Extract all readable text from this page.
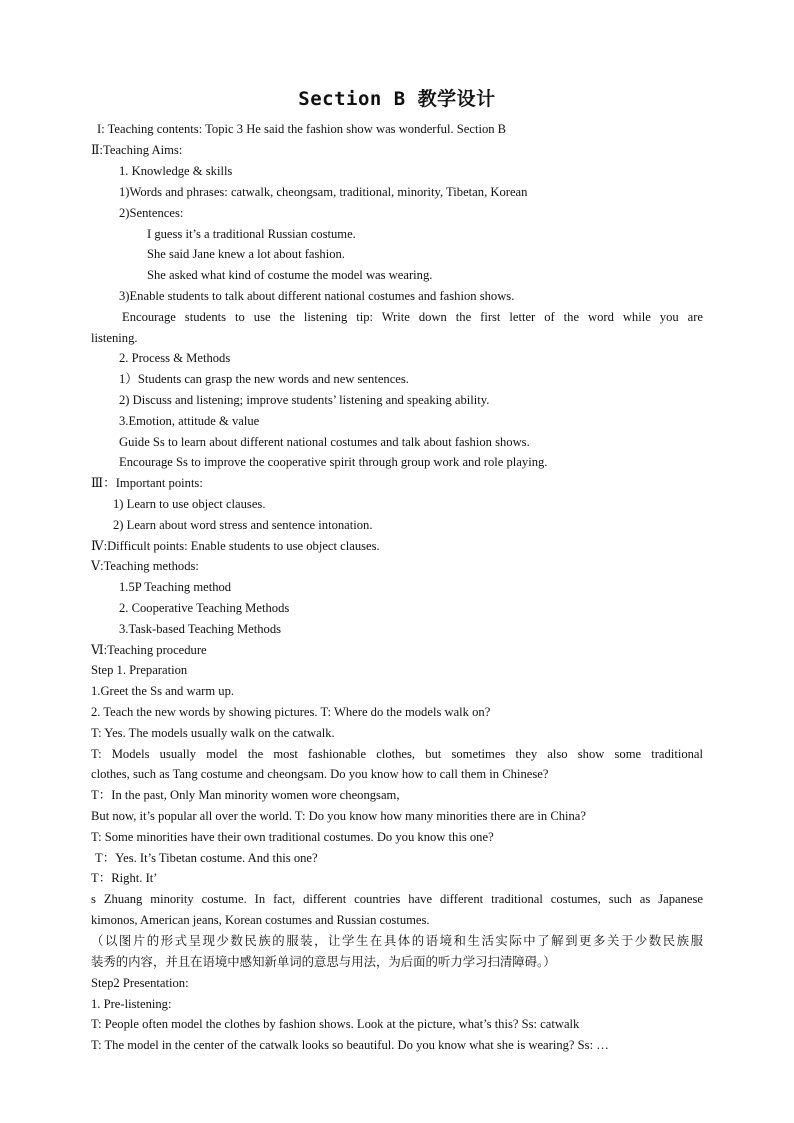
Section B 教学设计
I: Teaching contents: Topic 3 He said the fashion show was wonderful. Section B
Ⅱ:Teaching Aims:
1. Knowledge & skills
1)Words and phrases: catwalk, cheongsam, traditional, minority, Tibetan, Korean
2)Sentences:
I guess it’s a traditional Russian costume.
She said Jane knew a lot about fashion.
She asked what kind of costume the model was wearing.
3)Enable students to talk about different national costumes and fashion shows.
Encourage students to use the listening tip: Write down the first letter of the word while you are
listening.
2. Process & Methods
1）Students can grasp the new words and new sentences.
2) Discuss and listening; improve students’ listening and speaking ability.
3.Emotion, attitude & value
Guide Ss to learn about different national costumes and talk about fashion shows.
Encourage Ss to improve the cooperative spirit through group work and role playing.
Ⅲ：Important points:
1) Learn to use object clauses.
2) Learn about word stress and sentence intonation.
Ⅳ:Difficult points: Enable students to use object clauses.
Ⅴ:Teaching methods:
1.5P Teaching method
2. Cooperative Teaching Methods
3.Task-based Teaching Methods
Ⅵ:Teaching procedure
Step 1. Preparation
1.Greet the Ss and warm up.
2. Teach the new words by showing pictures. T: Where do the models walk on?
T: Yes. The models usually walk on the catwalk.
T: Models usually model the most fashionable clothes, but sometimes they also show some traditional
clothes, such as Tang costume and cheongsam. Do you know how to call them in Chinese?
T：In the past, Only Man minority women wore cheongsam,
But now, it’s popular all over the world. T: Do you know how many minorities there are in China?
T: Some minorities have their own traditional costumes. Do you know this one?
T：Yes. It’s Tibetan costume. And this one?
T：Right. It’
s Zhuang minority costume. In fact, different countries have different traditional costumes, such as Japanese
kimonos, American jeans, Korean costumes and Russian costumes.
（以图片的形式呈现少数民族的服装，让学生在具体的语境和生活实际中了解到更多关于少数民族服
装秀的内容，并且在语境中感知新单词的意思与用法，为后面的听力学习扫清障碍。）
Step2 Presentation:
1. Pre-listening:
T: People often model the clothes by fashion shows. Look at the picture, what’s this? Ss: catwalk
T: The model in the center of the catwalk looks so beautiful. Do you know what she is wearing? Ss: …
